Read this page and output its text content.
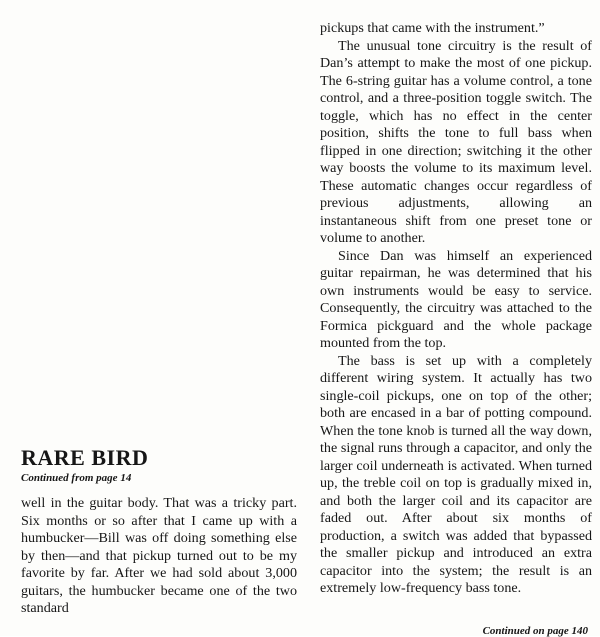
pickups that came with the instrument.”

The unusual tone circuitry is the result of Dan’s attempt to make the most of one pickup. The 6-string guitar has a volume control, a tone control, and a three-position toggle switch. The toggle, which has no effect in the center position, shifts the tone to full bass when flipped in one direction; switching it the other way boosts the volume to its maximum level. These automatic changes occur regardless of previous adjustments, allowing an instantaneous shift from one preset tone or volume to another.

Since Dan was himself an experienced guitar repairman, he was determined that his own instruments would be easy to service. Consequently, the circuitry was attached to the Formica pickguard and the whole package mounted from the top.

The bass is set up with a completely different wiring system. It actually has two single-coil pickups, one on top of the other; both are encased in a bar of potting compound. When the tone knob is turned all the way down, the signal runs through a capacitor, and only the larger coil underneath is activated. When turned up, the treble coil on top is gradually mixed in, and both the larger coil and its capacitor are faded out. After about six months of production, a switch was added that bypassed the smaller pickup and introduced an extra capacitor into the system; the result is an extremely low-frequency bass tone.

RARE BIRD
Continued from page 14

well in the guitar body. That was a tricky part. Six months or so after that I came up with a humbucker—Bill was off doing something else by then—and that pickup turned out to be my favorite by far. After we had sold about 3,000 guitars, the humbucker became one of the two standard

Continued on page 140
